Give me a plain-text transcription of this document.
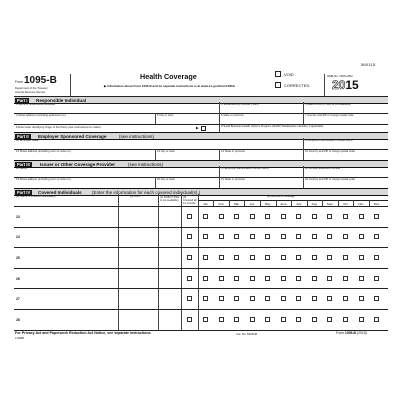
560115
Form 1095-B
Department of the Treasury
Internal Revenue Service
Health Coverage
▶ Information about Form 1095-B and its separate instructions is at www.irs.gov/form1095b.
VOID
CORRECTED
OMB No. 1545-2252
2015
Part I	Responsible Individual
1 Name of responsible individual	2 Social security number (SSN)	3 Date of birth (If SSN is not available)
4 Street address (including apartment no.)	5 City or town	6 State or province	7 Country and ZIP or foreign postal code
8 Enter letter identifying Origin of the Policy (see instructions for codes):	▶	9 Small Business Health Options Program (SHOP) Marketplace identifier, if applicable
Part II	Employer Sponsored Coverage	(see instructions)
10 Employer name	11 Employer identification number (EIN)
12 Street address (including room or suite no.)	13 City or town	14 State or province	15 Country and ZIP or foreign postal code
Part III	Issuer or Other Coverage Provider	(see instructions)
16 Name	17 Employer identification number (EIN)	18 Contact telephone number
19 Street address (including room or suite no.)	20 City or town	21 State or province	22 Country and ZIP or foreign postal code
Part IV	Covered Individuals (Enter the information for each covered individual(s).)
(a) Name of covered individual(s)	(b) SSN	(c) DOB (If SSN is not available)
(d) Covered all 12 months
(e) Months of coverage
Jan	Feb	Mar	Apr	May	June	July	Aug	Sept	Oct	Nov	Dec
23
24
25
26
27
28
For Privacy Act and Paperwork Reduction Act Notice, see separate instructions.	Cat. No. 63251M	Form 1095-B (2015)
L1095B
